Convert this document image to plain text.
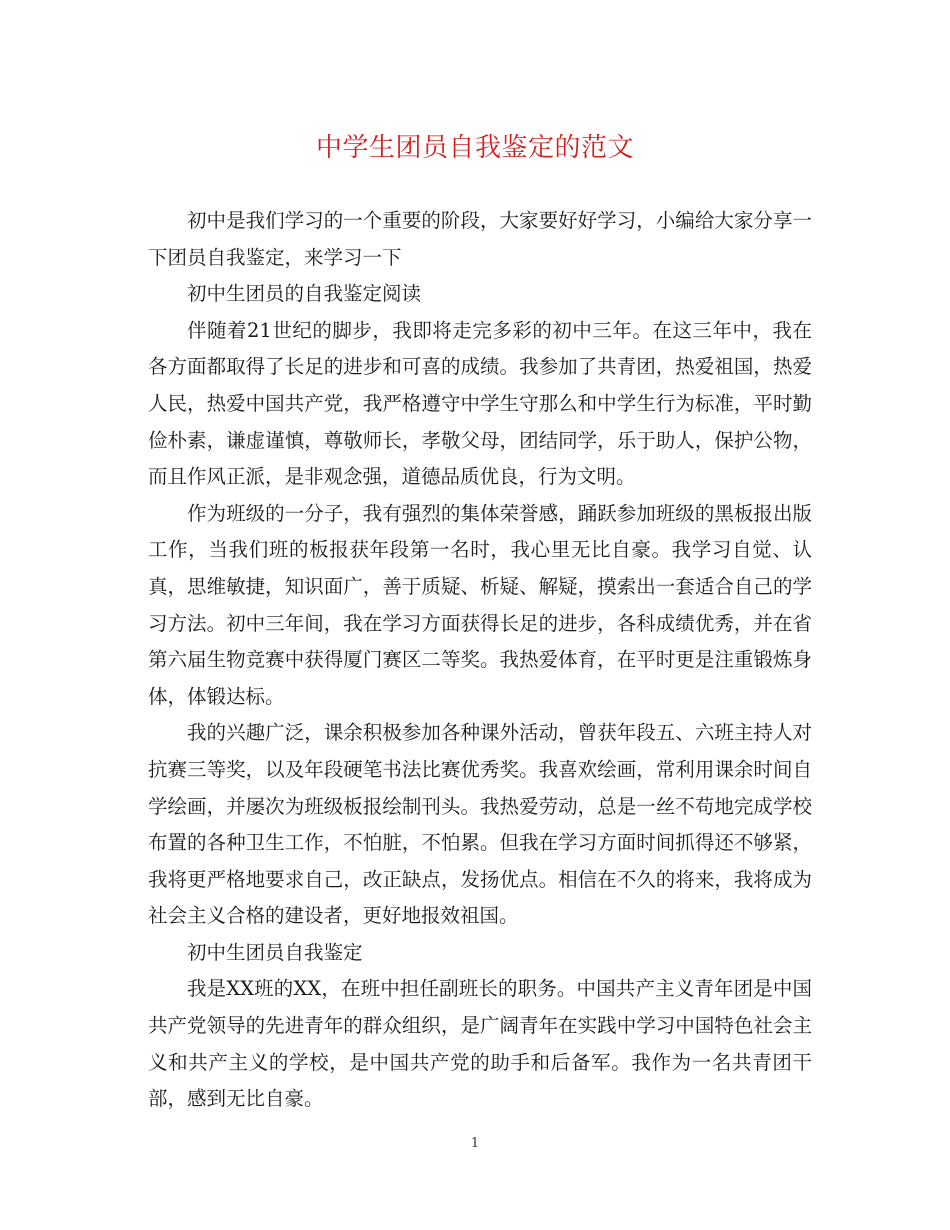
中学生团员自我鉴定的范文

初中是我们学习的一个重要的阶段，大家要好好学习，小编给大家分享一下团员自我鉴定，来学习一下

初中生团员的自我鉴定阅读

伴随着21世纪的脚步，我即将走完多彩的初中三年。在这三年中，我在各方面都取得了长足的进步和可喜的成绩。我参加了共青团，热爱祖国，热爱人民，热爱中国共产党，我严格遵守中学生守那么和中学生行为标准，平时勤俭朴素，谦虚谨慎，尊敬师长，孝敬父母，团结同学，乐于助人，保护公物，而且作风正派，是非观念强，道德品质优良，行为文明。

作为班级的一分子，我有强烈的集体荣誉感，踊跃参加班级的黑板报出版工作，当我们班的板报获年段第一名时，我心里无比自豪。我学习自觉、认真，思维敏捷，知识面广，善于质疑、析疑、解疑，摸索出一套适合自己的学习方法。初中三年间，我在学习方面获得长足的进步，各科成绩优秀，并在省第六届生物竞赛中获得厦门赛区二等奖。我热爱体育，在平时更是注重锻炼身体，体锻达标。

我的兴趣广泛，课余积极参加各种课外活动，曾获年段五、六班主持人对抗赛三等奖，以及年段硬笔书法比赛优秀奖。我喜欢绘画，常利用课余时间自学绘画，并屡次为班级板报绘制刊头。我热爱劳动，总是一丝不苟地完成学校布置的各种卫生工作，不怕脏，不怕累。但我在学习方面时间抓得还不够紧，我将更严格地要求自己，改正缺点，发扬优点。相信在不久的将来，我将成为社会主义合格的建设者，更好地报效祖国。

初中生团员自我鉴定

我是XX班的XX，在班中担任副班长的职务。中国共产主义青年团是中国共产党领导的先进青年的群众组织，是广阔青年在实践中学习中国特色社会主义和共产主义的学校，是中国共产党的助手和后备军。我作为一名共青团干部，感到无比自豪。

1
